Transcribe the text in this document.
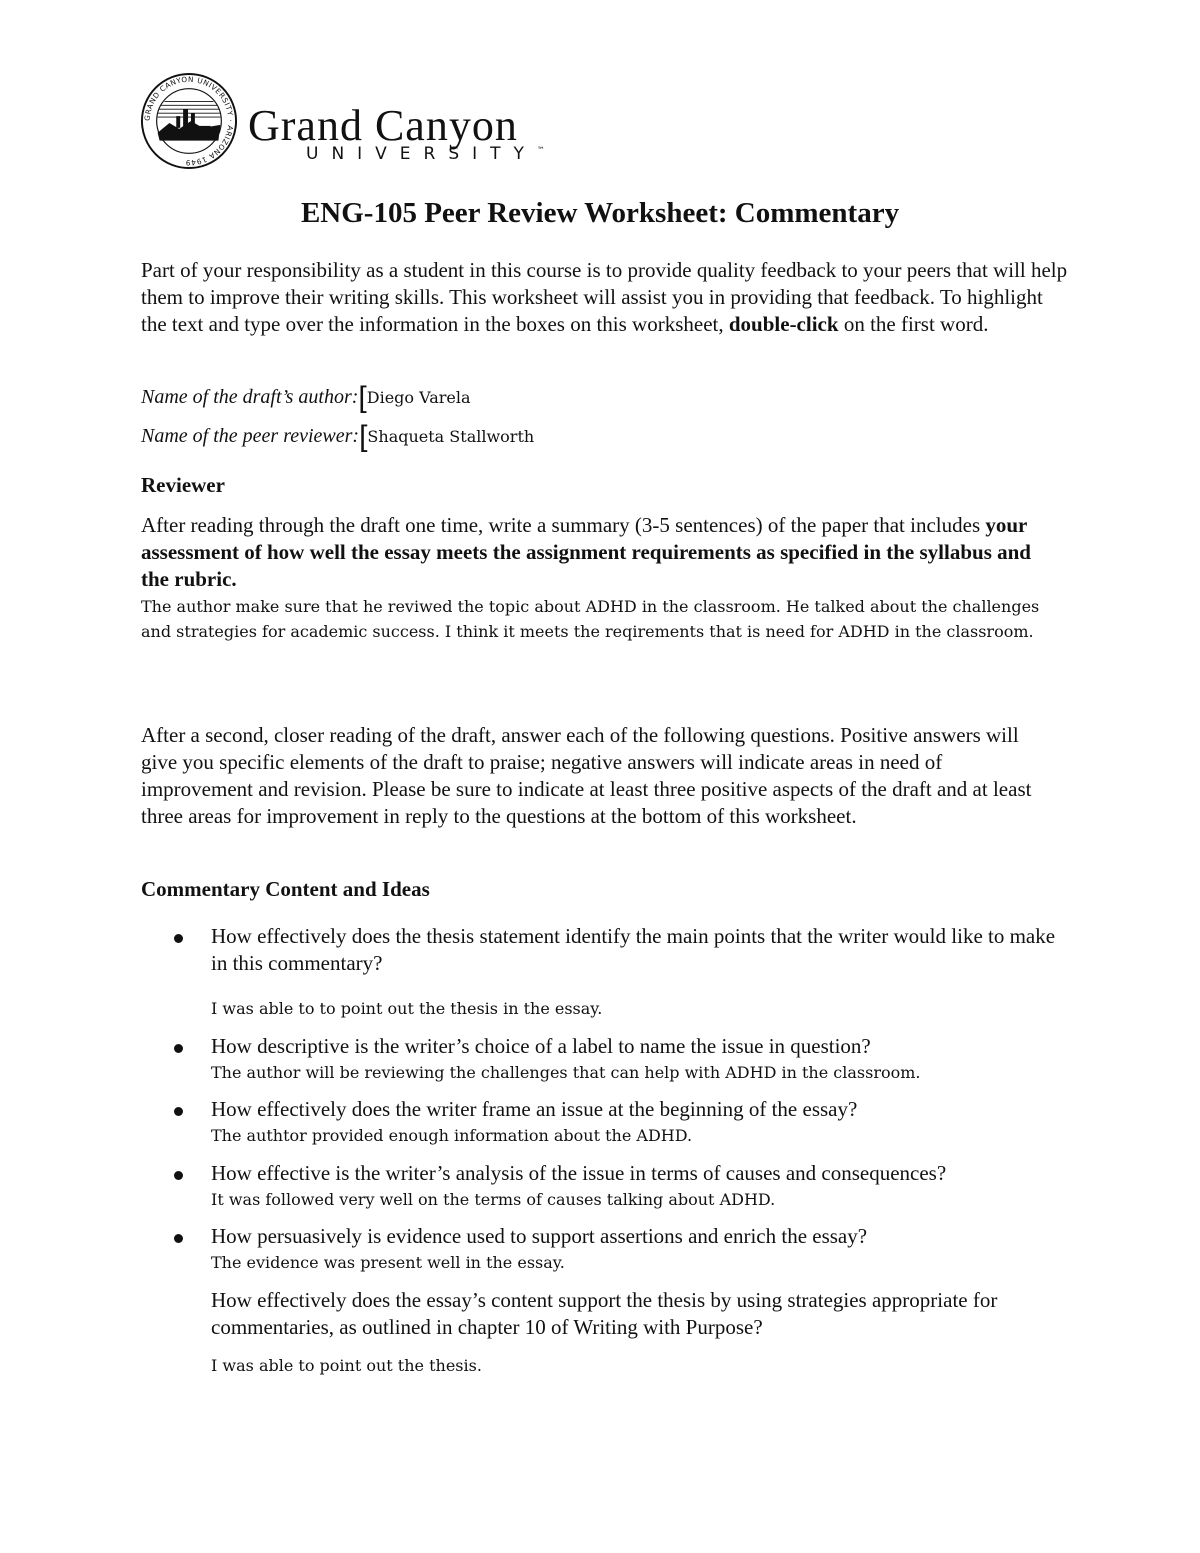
GRAND CANYON UNIVERSITY · ARIZONA 1949
Grand Canyon
UNIVERSITY™
ENG-105 Peer Review Worksheet: Commentary
Part of your responsibility as a student in this course is to provide quality feedback to your peers that will help them to improve their writing skills. This worksheet will assist you in providing that feedback. To highlight the text and type over the information in the boxes on this worksheet, double-click on the first word.
Name of the draft’s author:[Diego Varela
Name of the peer reviewer:[Shaqueta Stallworth
Reviewer
After reading through the draft one time, write a summary (3-5 sentences) of the paper that includes your assessment of how well the essay meets the assignment requirements as specified in the syllabus and the rubric.
The author make sure that he reviwed the topic about ADHD in the classroom. He talked about the challenges and strategies for academic success. I think it meets the reqirements that is need for ADHD in the classroom.
After a second, closer reading of the draft, answer each of the following questions. Positive answers will give you specific elements of the draft to praise; negative answers will indicate areas in need of improvement and revision. Please be sure to indicate at least three positive aspects of the draft and at least three areas for improvement in reply to the questions at the bottom of this worksheet.
Commentary Content and Ideas
How effectively does the thesis statement identify the main points that the writer would like to make in this commentary?
I was able to to point out the thesis in the essay.
How descriptive is the writer’s choice of a label to name the issue in question?
The author will be reviewing the challenges that can help with ADHD in the classroom.
How effectively does the writer frame an issue at the beginning of the essay?
The authtor provided enough information about the ADHD.
How effective is the writer’s analysis of the issue in terms of causes and consequences?
It was followed very well on the terms of causes talking about ADHD.
How persuasively is evidence used to support assertions and enrich the essay?
The evidence was present well in the essay.
How effectively does the essay’s content support the thesis by using strategies appropriate for commentaries, as outlined in chapter 10 of Writing with Purpose?
I was able to point out the thesis.
